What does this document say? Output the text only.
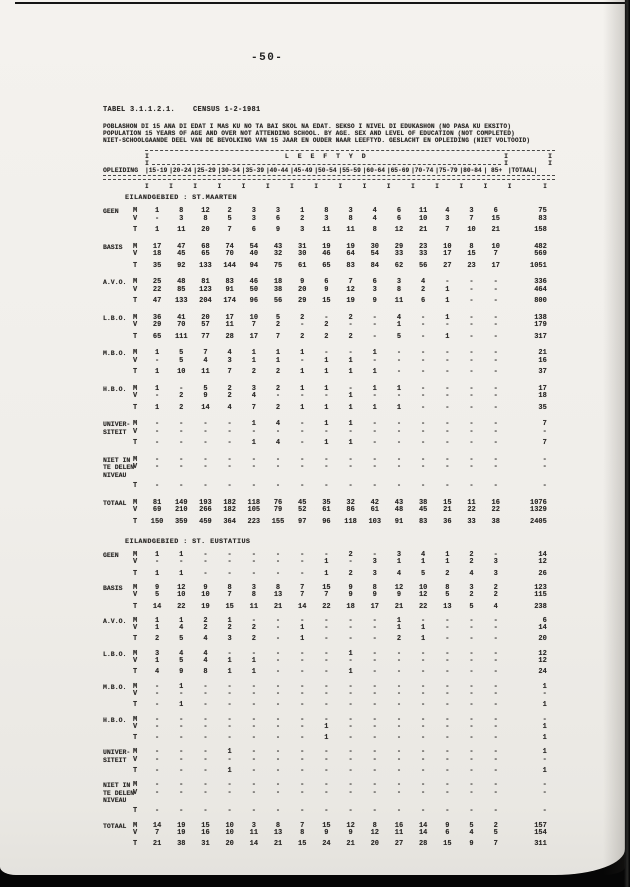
-50-
TABEL 3.1.1.2.1.    CENSUS 1-2-1981
POBLASHON DI 15 ANA DI EDAT I MAS KU NO TA BAI SKOL NA EDAT. SEKSO I NIVEL DI EDUKASHON (NO PASA KU EKSITO)
POPULATION 15 YEARS OF AGE AND OVER NOT ATTENDING SCHOOL. BY AGE. SEX AND LEVEL OF EDUCATION (NOT COMPLETED)
NIET-SCHOOLGAANDE DEEL VAN DE BEVOLKING VAN 15 JAAR EN OUDER NAAR LEEFTYD. GESLACHT EN OPLEIDING (NIET VOLTOOID)
I	L E E F T Y D	I	I
I	I	I
OPLEIDING |15-19 |20-24 |25-29 |30-34 |35-39 |40-44 |45-49 |50-54 |55-59 |60-64 |65-69 |70-74 |75-79 |80-84 | 85+ |TOTAAL|
I	I	I	I	I	I	I	I	I	I	I	I	I	I	I	I	I
EILANDGEBIED : ST.MAARTEN
GEEN	M	1	8	12	2	3	3	1	8	3	4	6	11	4	3	6	75
V	-	3	8	5	3	6	2	3	8	4	6	10	3	7	15	83
T	1	11	20	7	6	9	3	11	11	8	12	21	7	10	21	158
BASIS	M	17	47	68	74	54	43	31	19	19	30	29	23	10	8	10	482
V	18	45	65	70	40	32	30	46	64	54	33	33	17	15	7	569
T	35	92	133	144	94	75	61	65	83	84	62	56	27	23	17	1051
A.V.O. M	25	48	81	83	46	18	9	6	7	6	3	4	-	-	-	336
V	22	85	123	91	50	38	20	9	12	3	8	2	1	-	-	464
T	47	133	204	174	96	56	29	15	19	9	11	6	1	-	-	800
L.B.O. M	36	41	20	17	10	5	2	-	2	-	4	-	1	-	-	138
V	29	70	57	11	7	2	-	2	-	-	1	-	-	-	-	179
T	65	111	77	28	17	7	2	2	2	-	5	-	1	-	-	317
M.B.O. M	1	5	7	4	1	1	1	-	-	1	-	-	-	-	-	21
V	-	5	4	3	1	1	-	1	1	-	-	-	-	-	-	16
T	1	10	11	7	2	2	1	1	1	1	-	-	-	-	-	37
H.B.O. M	1	-	5	2	3	2	1	1	-	1	1	-	-	-	-	17
V	-	2	9	2	4	-	-	-	1	-	-	-	-	-	-	18
T	1	2	14	4	7	2	1	1	1	1	1	-	-	-	-	35
UNIVER- M	-	-	-	-	1	4	-	1	1	-	-	-	-	-	-	7
SITEIT V	-	-	-	-	-	-	-	-	-	-	-	-	-	-	-	-
T	-	-	-	-	1	4	-	1	1	-	-	-	-	-	-	7
NIET IN M	-	-	-	-	-	-	-	-	-	-	-	-	-	-	-	-
TE DELEN
V	-	-	-	-	-	-	-	-	-	-	-	-	-	-	-	-
NIVEAU
T	-	-	-	-	-	-	-	-	-	-	-	-	-	-	-	-
TOTAAL M	81	149	193	182	118	76	45	35	32	42	43	38	15	11	16	1076
V	69	210	266	182	105	79	52	61	86	61	48	45	21	22	22	1329
T	150	359	459	364	223	155	97	96	118	103	91	83	36	33	38	2405
EILANDGEBIED : ST. EUSTATIUS
GEEN	M	1	1	-	-	-	-	-	-	2	-	3	4	1	2	-	14
V	-	-	-	-	-	-	-	1	-	3	1	1	1	2	3	12
T	1	1	-	-	-	-	-	1	2	3	4	5	2	4	3	26
BASIS	M	9	12	9	8	3	8	7	15	9	8	12	10	8	3	2	123
V	5	10	10	7	8	13	7	7	9	9	9	12	5	2	2	115
T	14	22	19	15	11	21	14	22	18	17	21	22	13	5	4	238
A.V.O. M	1	1	2	1	-	-	-	-	-	-	1	-	-	-	-	6
V	1	4	2	2	2	-	1	-	-	-	1	1	-	-	-	14
T	2	5	4	3	2	-	1	-	-	-	2	1	-	-	-	20
L.B.O. M	3	4	4	-	-	-	-	-	1	-	-	-	-	-	-	12
V	1	5	4	1	1	-	-	-	-	-	-	-	-	-	-	12
T	4	9	8	1	1	-	-	-	1	-	-	-	-	-	-	24
M.B.O. M	-	1	-	-	-	-	-	-	-	-	-	-	-	-	-	1
V	-	-	-	-	-	-	-	-	-	-	-	-	-	-	-	-
T	-	1	-	-	-	-	-	-	-	-	-	-	-	-	-	1
H.B.O. M	-	-	-	-	-	-	-	-	-	-	-	-	-	-	-	-
V	-	-	-	-	-	-	-	1	-	-	-	-	-	-	-	1
T	-	-	-	-	-	-	-	1	-	-	-	-	-	-	-	1
UNIVER- M	-	-	-	1	-	-	-	-	-	-	-	-	-	-	-	1
SITEIT V	-	-	-	-	-	-	-	-	-	-	-	-	-	-	-	-
T	-	-	-	1	-	-	-	-	-	-	-	-	-	-	-	1
NIET IN M	-	-	-	-	-	-	-	-	-	-	-	-	-	-	-	-
TE DELEN
V	-	-	-	-	-	-	-	-	-	-	-	-	-	-	-	-
NIVEAU
T	-	-	-	-	-	-	-	-	-	-	-	-	-	-	-	-
TOTAAL M	14	19	15	10	3	8	7	15	12	8	16	14	9	5	2	157
V	7	19	16	10	11	13	8	9	9	12	11	14	6	4	5	154
T	21	38	31	20	14	21	15	24	21	20	27	28	15	9	7	311
